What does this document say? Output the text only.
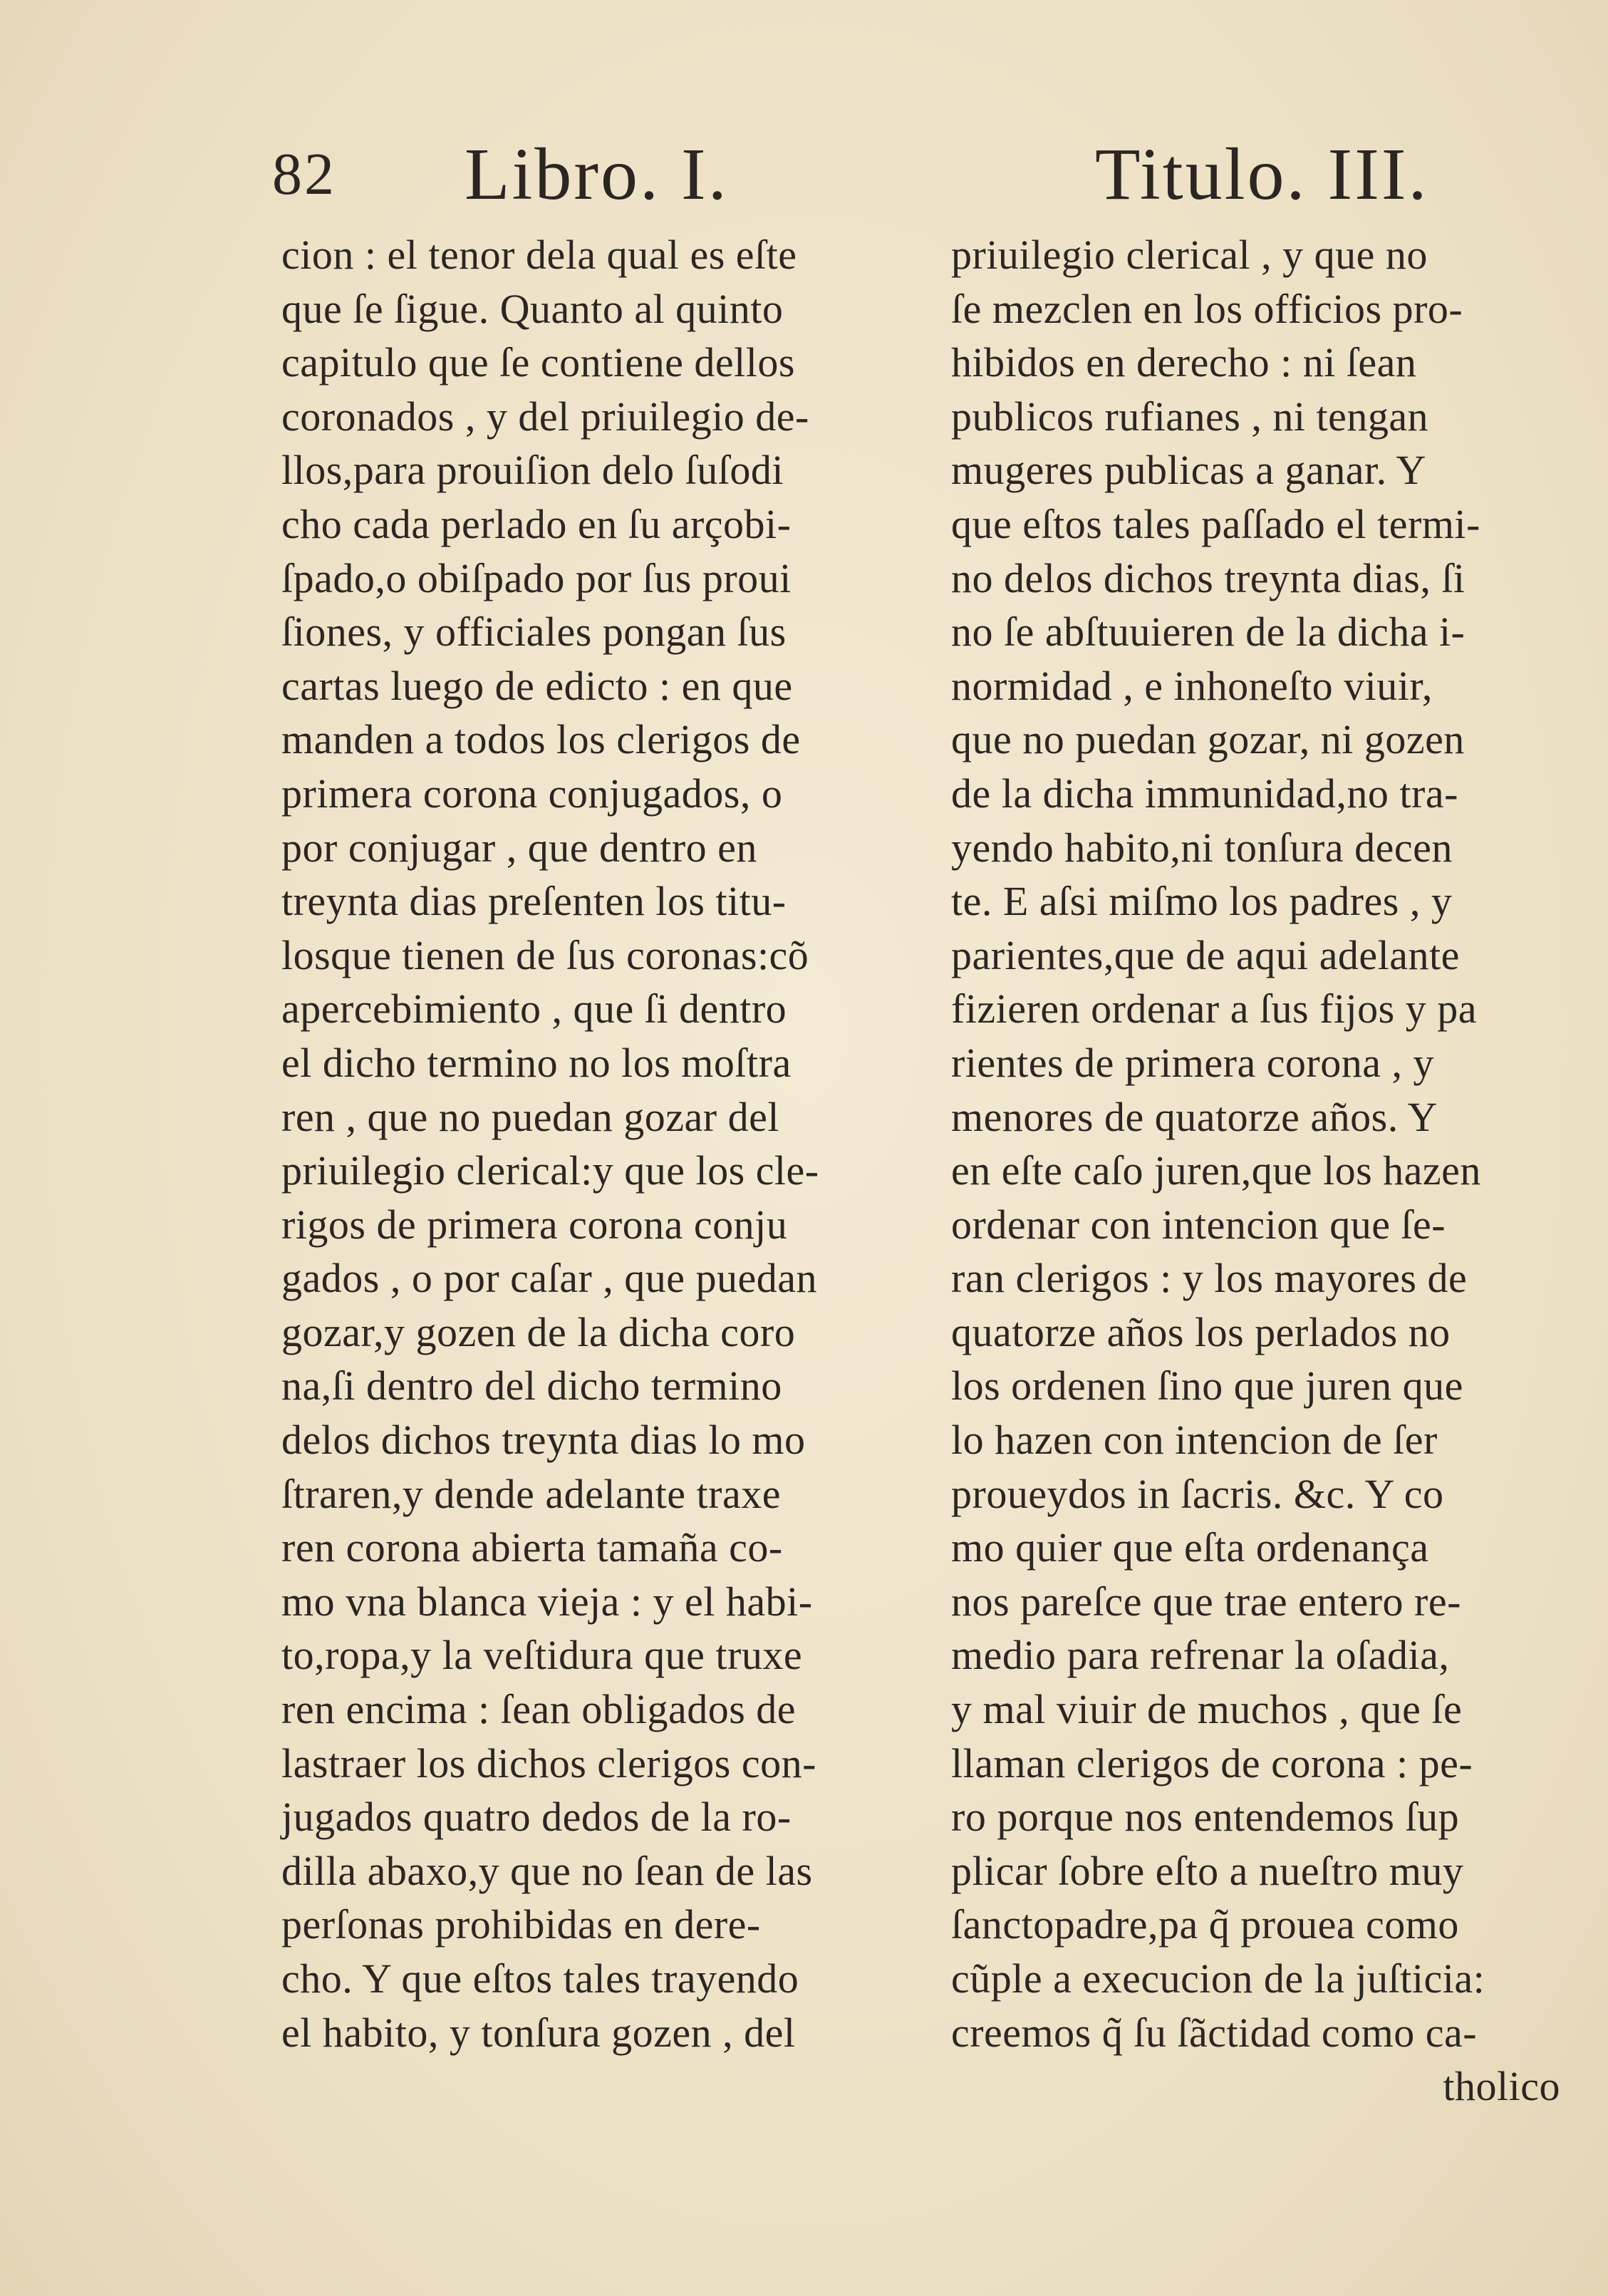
82 Libro. I.	Titulo. III.
cion : el tenor dela qual es eſte
que ſe ſigue. Quanto al quinto
capitulo que ſe contiene dellos
coronados , y del priuilegio de-
llos,para prouiſion delo ſuſodi
cho cada perlado en ſu arçobi-
ſpado,o obiſpado por ſus proui
ſiones, y officiales pongan ſus
cartas luego de edicto : en que
manden a todos los clerigos de
primera corona conjugados, o
por conjugar , que dentro en
treynta dias preſenten los titu-
losque tienen de ſus coronas:cõ
apercebimiento , que ſi dentro
el dicho termino no los moſtra
ren , que no puedan gozar del
priuilegio clerical:y que los cle-
rigos de primera corona conju
gados , o por caſar , que puedan
gozar,y gozen de la dicha coro
na,ſi dentro del dicho termino
delos dichos treynta dias lo mo
ſtraren,y dende adelante traxe
ren corona abierta tamaña co-
mo vna blanca vieja : y el habi-
to,ropa,y la veſtidura que truxe
ren encima : ſean obligados de
lastraer los dichos clerigos con-
jugados quatro dedos de la ro-
dilla abaxo,y que no ſean de las
perſonas prohibidas en dere-
cho. Y que eſtos tales trayendo
el habito, y tonſura gozen , del
priuilegio clerical , y que no
ſe mezclen en los officios pro-
hibidos en derecho : ni ſean
publicos rufianes , ni tengan
mugeres publicas a ganar. Y
que eſtos tales paſſado el termi-
no delos dichos treynta dias, ſi
no ſe abſtuuieren de la dicha i-
normidad , e inhoneſto viuir,
que no puedan gozar, ni gozen
de la dicha immunidad,no tra-
yendo habito,ni tonſura decen
te. E aſsi miſmo los padres , y
parientes,que de aqui adelante
fizieren ordenar a ſus fijos y pa
rientes de primera corona , y
menores de quatorze años. Y
en eſte caſo juren,que los hazen
ordenar con intencion que ſe-
ran clerigos : y los mayores de
quatorze años los perlados no
los ordenen ſino que juren que
lo hazen con intencion de ſer
proueydos in ſacris. &c. Y co
mo quier que eſta ordenança
nos pareſce que trae entero re-
medio para refrenar la oſadia,
y mal viuir de muchos , que ſe
llaman clerigos de corona : pe-
ro porque nos entendemos ſup
plicar ſobre eſto a nueſtro muy
ſanctopadre,pa q̃ prouea como
cũple a execucion de la juſticia:
creemos q̃ ſu ſãctidad como ca-
tholico
